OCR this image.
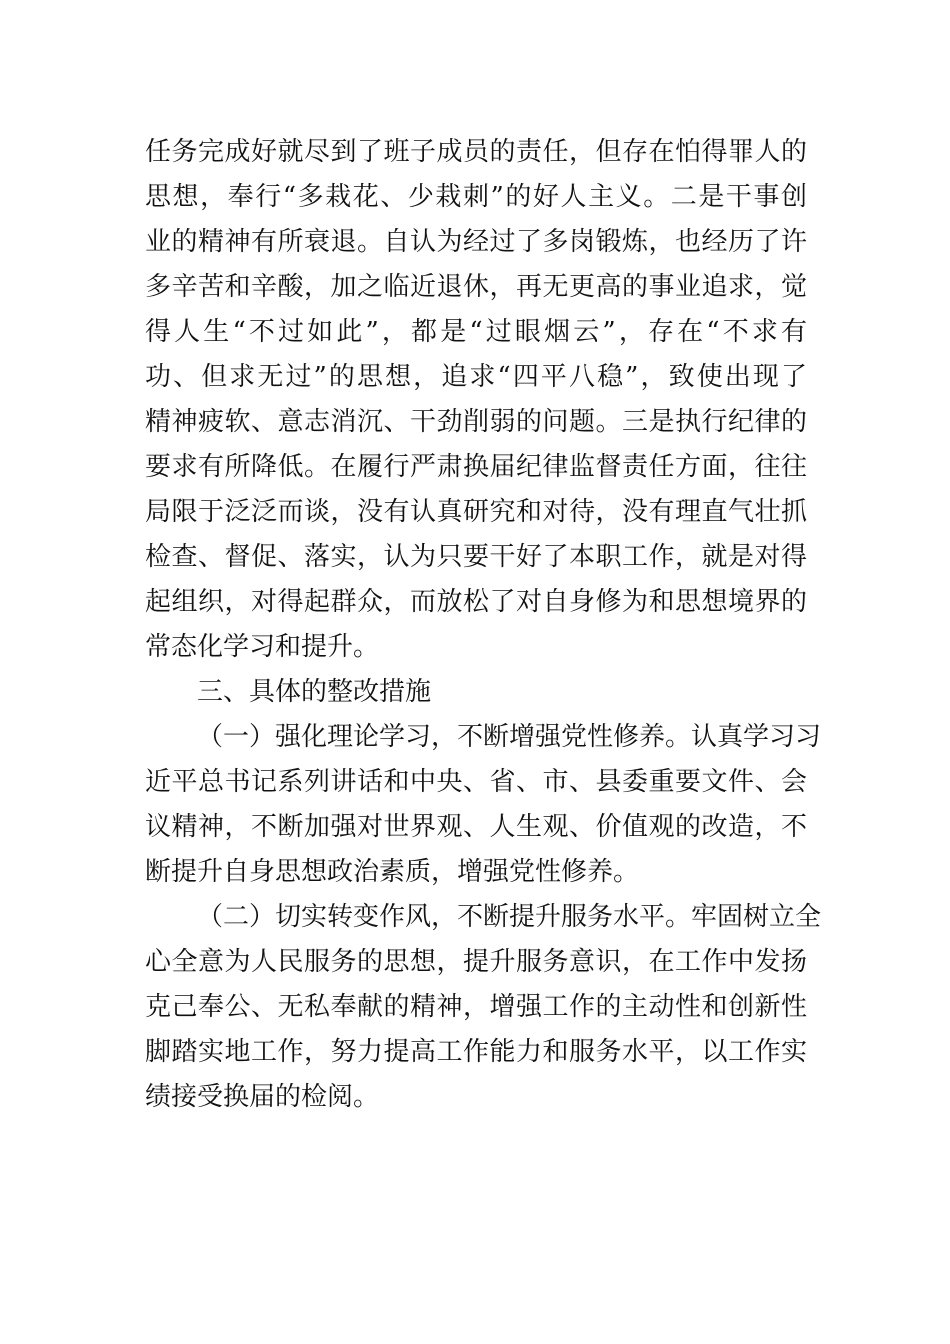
任务完成好就尽到了班子成员的责任，但存在怕得罪人的
思想，奉行“多栽花、少栽刺”的好人主义。二是干事创
业的精神有所衰退。自认为经过了多岗锻炼，也经历了许
多辛苦和辛酸，加之临近退休，再无更高的事业追求，觉
得人生“不过如此”，都是“过眼烟云”，存在“不求有
功、但求无过”的思想，追求“四平八稳”，致使出现了
精神疲软、意志消沉、干劲削弱的问题。三是执行纪律的
要求有所降低。在履行严肃换届纪律监督责任方面，往往
局限于泛泛而谈，没有认真研究和对待，没有理直气壮抓
检查、督促、落实，认为只要干好了本职工作，就是对得
起组织，对得起群众，而放松了对自身修为和思想境界的
常态化学习和提升。
三、具体的整改措施
（一）强化理论学习，不断增强党性修养。认真学习习
近平总书记系列讲话和中央、省、市、县委重要文件、会
议精神，不断加强对世界观、人生观、价值观的改造，不
断提升自身思想政治素质，增强党性修养。
（二）切实转变作风，不断提升服务水平。牢固树立全
心全意为人民服务的思想，提升服务意识，在工作中发扬
克己奉公、无私奉献的精神，增强工作的主动性和创新性
脚踏实地工作，努力提高工作能力和服务水平，以工作实
绩接受换届的检阅。
